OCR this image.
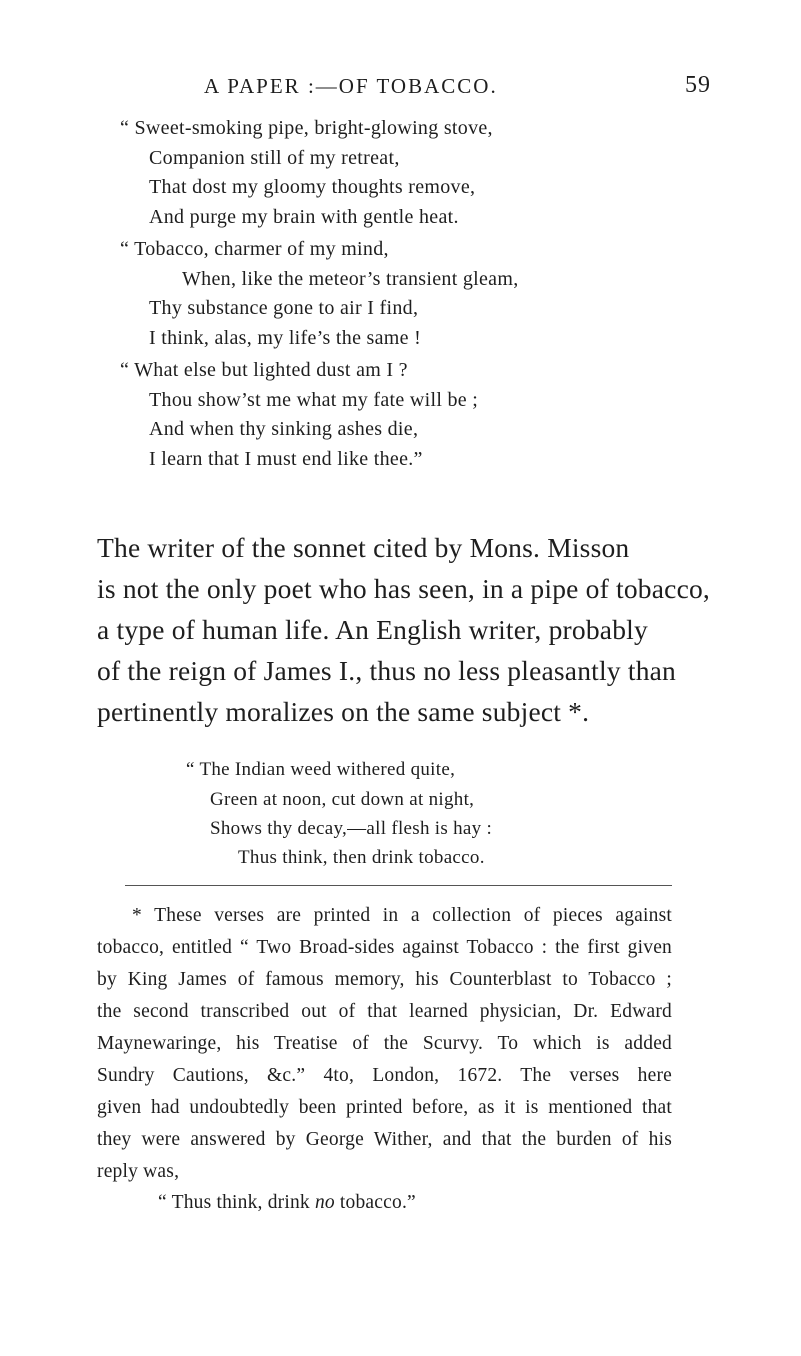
A PAPER :—OF TOBACCO.	59
“ Sweet-smoking pipe, bright-glowing stove,
Companion still of my retreat,
That dost my gloomy thoughts remove,
And purge my brain with gentle heat.
“ Tobacco, charmer of my mind,
When, like the meteor’s transient gleam,
Thy substance gone to air I find,
I think, alas, my life’s the same !
“ What else but lighted dust am I ?
Thou show’st me what my fate will be ;
And when thy sinking ashes die,
I learn that I must end like thee.”
The writer of the sonnet cited by Mons. Misson
is not the only poet who has seen, in a pipe of tobacco,
a type of human life. An English writer, probably
of the reign of James I., thus no less pleasantly than
pertinently moralizes on the same subject *.
“ The Indian weed withered quite,
Green at noon, cut down at night,
Shows thy decay,—all flesh is hay :
Thus think, then drink tobacco.
* These verses are printed in a collection of pieces against
tobacco, entitled “ Two Broad-sides against Tobacco : the first given
by King James of famous memory, his Counterblast to Tobacco ;
the second transcribed out of that learned physician, Dr. Edward
Maynewaringe, his Treatise of the Scurvy. To which is added
Sundry Cautions, &c.” 4to, London, 1672. The verses here
given had undoubtedly been printed before, as it is mentioned that
they were answered by George Wither, and that the burden of his
reply was,
“ Thus think, drink no tobacco.”
